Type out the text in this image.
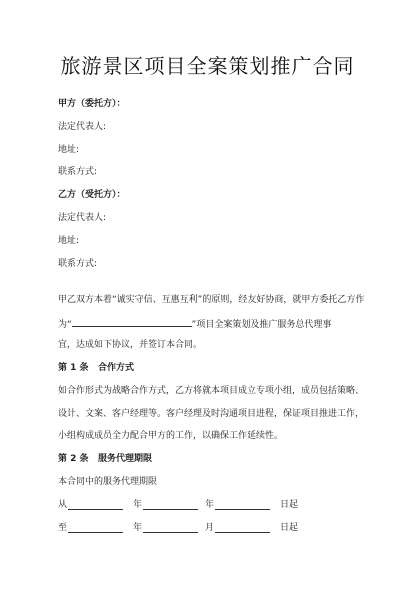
旅游景区项目全案策划推广合同
甲方（委托方）：
法定代表人:
地址:
联系方式:
乙方（受托方）：
法定代表人:
地址:
联系方式:
甲乙双方本着“诚实守信、互惠互利”的原则，经友好协商，就甲方委托乙方作
为“	”项目全案策划及推广服务总代理事
宜，达成如下协议，并签订本合同。
第 1 条 合作方式
如合作形式为战略合作方式，乙方将就本项目成立专项小组，成员包括策略、
设计、文案、客户经理等。客户经理及时沟通项目进程，保证项目推进工作，
小组构成成员全力配合甲方的工作，以确保工作延续性。
第 2 条 服务代理期限
本合同中的服务代理期限
从	年	年	日起
至	年	月	日起
